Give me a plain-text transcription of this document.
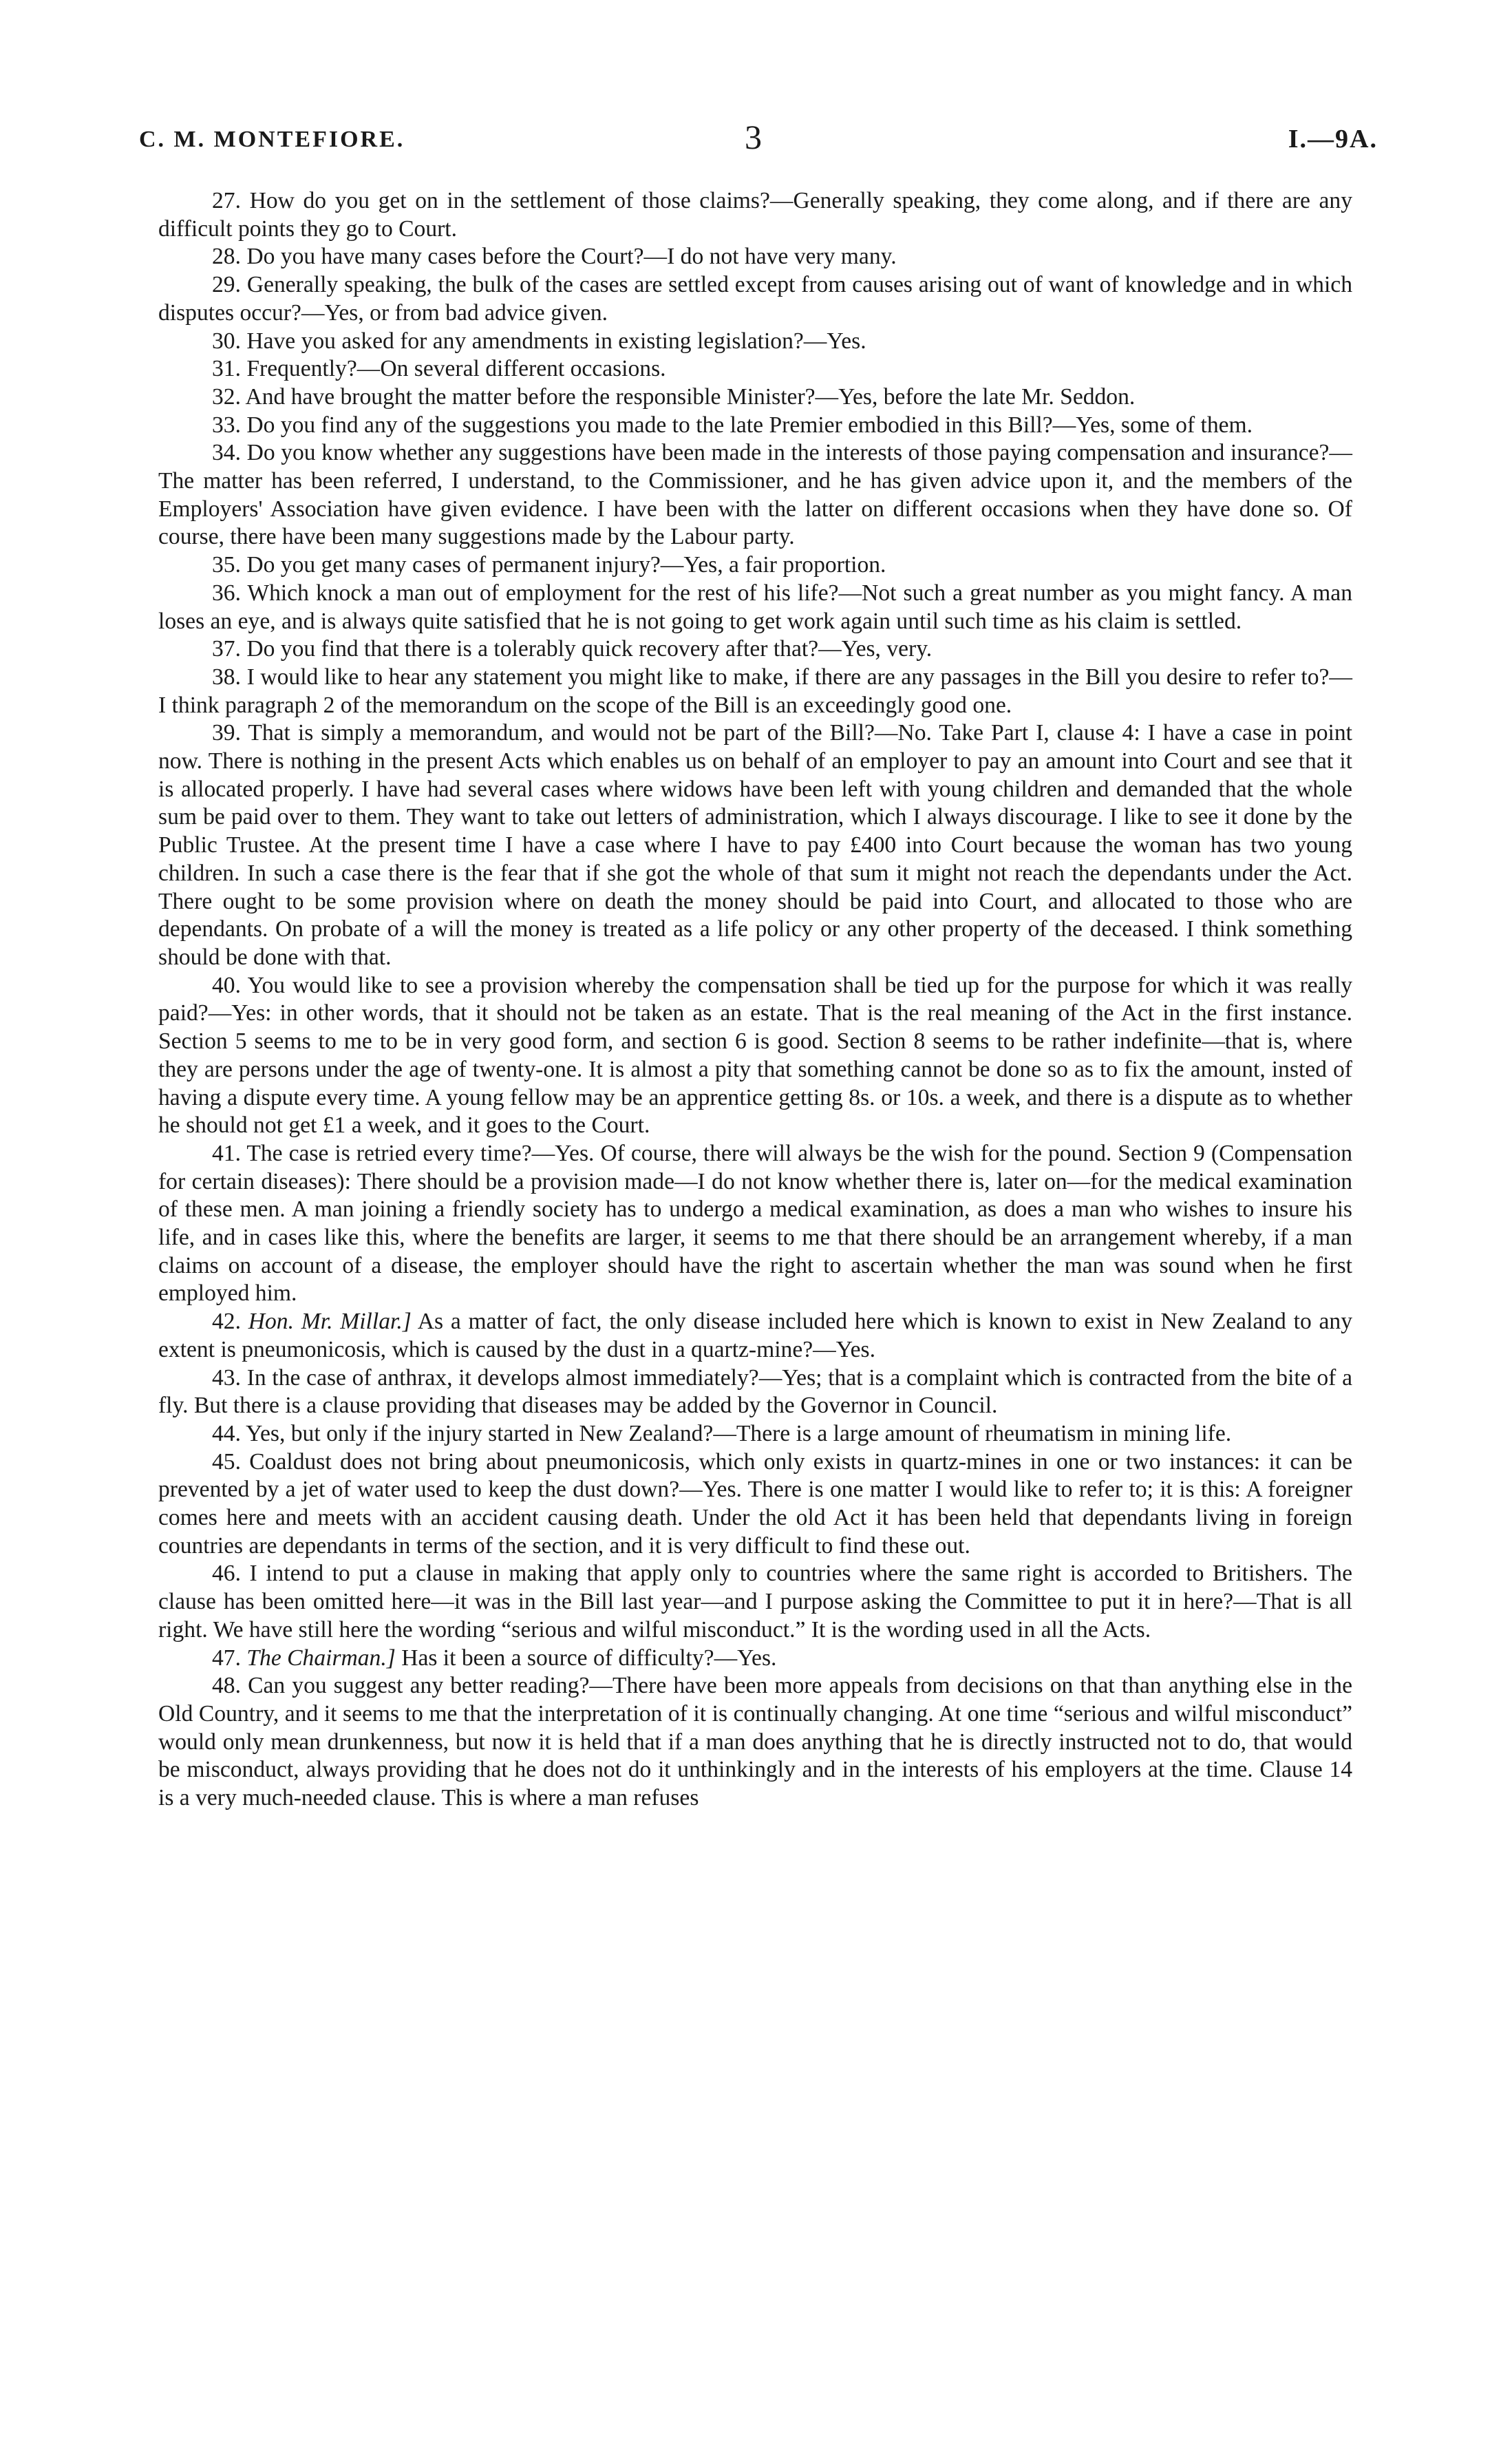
C. M. MONTEFIORE.	3	I.—9A.

27. How do you get on in the settlement of those claims?—Generally speaking, they come along, and if there are any difficult points they go to Court.

28. Do you have many cases before the Court?—I do not have very many.

29. Generally speaking, the bulk of the cases are settled except from causes arising out of want of knowledge and in which disputes occur?—Yes, or from bad advice given.

30. Have you asked for any amendments in existing legislation?—Yes.

31. Frequently?—On several different occasions.

32. And have brought the matter before the responsible Minister?—Yes, before the late Mr. Seddon.

33. Do you find any of the suggestions you made to the late Premier embodied in this Bill?—Yes, some of them.

34. Do you know whether any suggestions have been made in the interests of those paying compensation and insurance?—The matter has been referred, I understand, to the Commissioner, and he has given advice upon it, and the members of the Employers' Association have given evidence. I have been with the latter on different occasions when they have done so. Of course, there have been many suggestions made by the Labour party.

35. Do you get many cases of permanent injury?—Yes, a fair proportion.

36. Which knock a man out of employment for the rest of his life?—Not such a great number as you might fancy. A man loses an eye, and is always quite satisfied that he is not going to get work again until such time as his claim is settled.

37. Do you find that there is a tolerably quick recovery after that?—Yes, very.

38. I would like to hear any statement you might like to make, if there are any passages in the Bill you desire to refer to?—I think paragraph 2 of the memorandum on the scope of the Bill is an exceedingly good one.

39. That is simply a memorandum, and would not be part of the Bill?—No. Take Part I, clause 4: I have a case in point now. There is nothing in the present Acts which enables us on behalf of an employer to pay an amount into Court and see that it is allocated properly. I have had several cases where widows have been left with young children and demanded that the whole sum be paid over to them. They want to take out letters of administration, which I always discourage. I like to see it done by the Public Trustee. At the present time I have a case where I have to pay £400 into Court because the woman has two young children. In such a case there is the fear that if she got the whole of that sum it might not reach the dependants under the Act. There ought to be some provision where on death the money should be paid into Court, and allocated to those who are dependants. On probate of a will the money is treated as a life policy or any other property of the deceased. I think something should be done with that.

40. You would like to see a provision whereby the compensation shall be tied up for the purpose for which it was really paid?—Yes: in other words, that it should not be taken as an estate. That is the real meaning of the Act in the first instance. Section 5 seems to me to be in very good form, and section 6 is good. Section 8 seems to be rather indefinite—that is, where they are persons under the age of twenty-one. It is almost a pity that something cannot be done so as to fix the amount, insted of having a dispute every time. A young fellow may be an apprentice getting 8s. or 10s. a week, and there is a dispute as to whether he should not get £1 a week, and it goes to the Court.

41. The case is retried every time?—Yes. Of course, there will always be the wish for the pound. Section 9 (Compensation for certain diseases): There should be a provision made—I do not know whether there is, later on—for the medical examination of these men. A man joining a friendly society has to undergo a medical examination, as does a man who wishes to insure his life, and in cases like this, where the benefits are larger, it seems to me that there should be an arrangement whereby, if a man claims on account of a disease, the employer should have the right to ascertain whether the man was sound when he first employed him.

42. Hon. Mr. Millar.] As a matter of fact, the only disease included here which is known to exist in New Zealand to any extent is pneumonicosis, which is caused by the dust in a quartz-mine?—Yes.

43. In the case of anthrax, it develops almost immediately?—Yes; that is a complaint which is contracted from the bite of a fly. But there is a clause providing that diseases may be added by the Governor in Council.

44. Yes, but only if the injury started in New Zealand?—There is a large amount of rheumatism in mining life.

45. Coaldust does not bring about pneumonicosis, which only exists in quartz-mines in one or two instances: it can be prevented by a jet of water used to keep the dust down?—Yes. There is one matter I would like to refer to; it is this: A foreigner comes here and meets with an accident causing death. Under the old Act it has been held that dependants living in foreign countries are dependants in terms of the section, and it is very difficult to find these out.

46. I intend to put a clause in making that apply only to countries where the same right is accorded to Britishers. The clause has been omitted here—it was in the Bill last year—and I purpose asking the Committee to put it in here?—That is all right. We have still here the wording “serious and wilful misconduct.” It is the wording used in all the Acts.

47. The Chairman.] Has it been a source of difficulty?—Yes.

48. Can you suggest any better reading?—There have been more appeals from decisions on that than anything else in the Old Country, and it seems to me that the interpretation of it is continually changing. At one time “serious and wilful misconduct” would only mean drunkenness, but now it is held that if a man does anything that he is directly instructed not to do, that would be misconduct, always providing that he does not do it unthinkingly and in the interests of his employers at the time. Clause 14 is a very much-needed clause. This is where a man refuses
